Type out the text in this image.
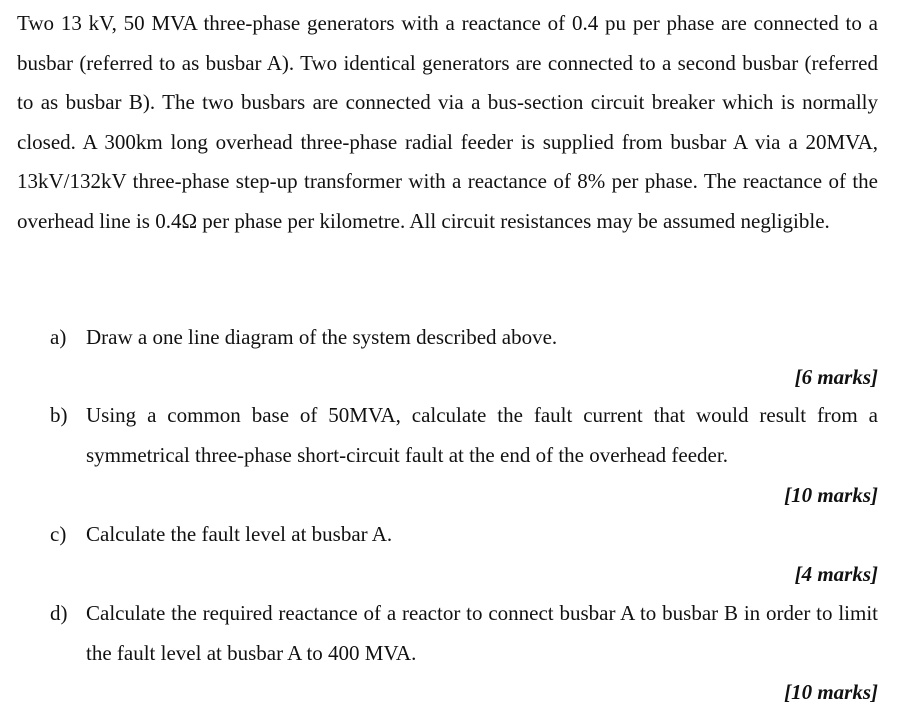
Two 13 kV, 50 MVA three-phase generators with a reactance of 0.4 pu per phase are connected to a busbar (referred to as busbar A). Two identical generators are connected to a second busbar (referred to as busbar B). The two busbars are connected via a bus-section circuit breaker which is normally closed. A 300km long overhead three-phase radial feeder is supplied from busbar A via a 20MVA, 13kV/132kV three-phase step-up transformer with a reactance of 8% per phase. The reactance of the overhead line is 0.4Ω per phase per kilometre. All circuit resistances may be assumed negligible.

a) Draw a one line diagram of the system described above.
[6 marks]
b) Using a common base of 50MVA, calculate the fault current that would result from a symmetrical three-phase short-circuit fault at the end of the overhead feeder.
[10 marks]
c) Calculate the fault level at busbar A.
[4 marks]
d) Calculate the required reactance of a reactor to connect busbar A to busbar B in order to limit the fault level at busbar A to 400 MVA.
[10 marks]
